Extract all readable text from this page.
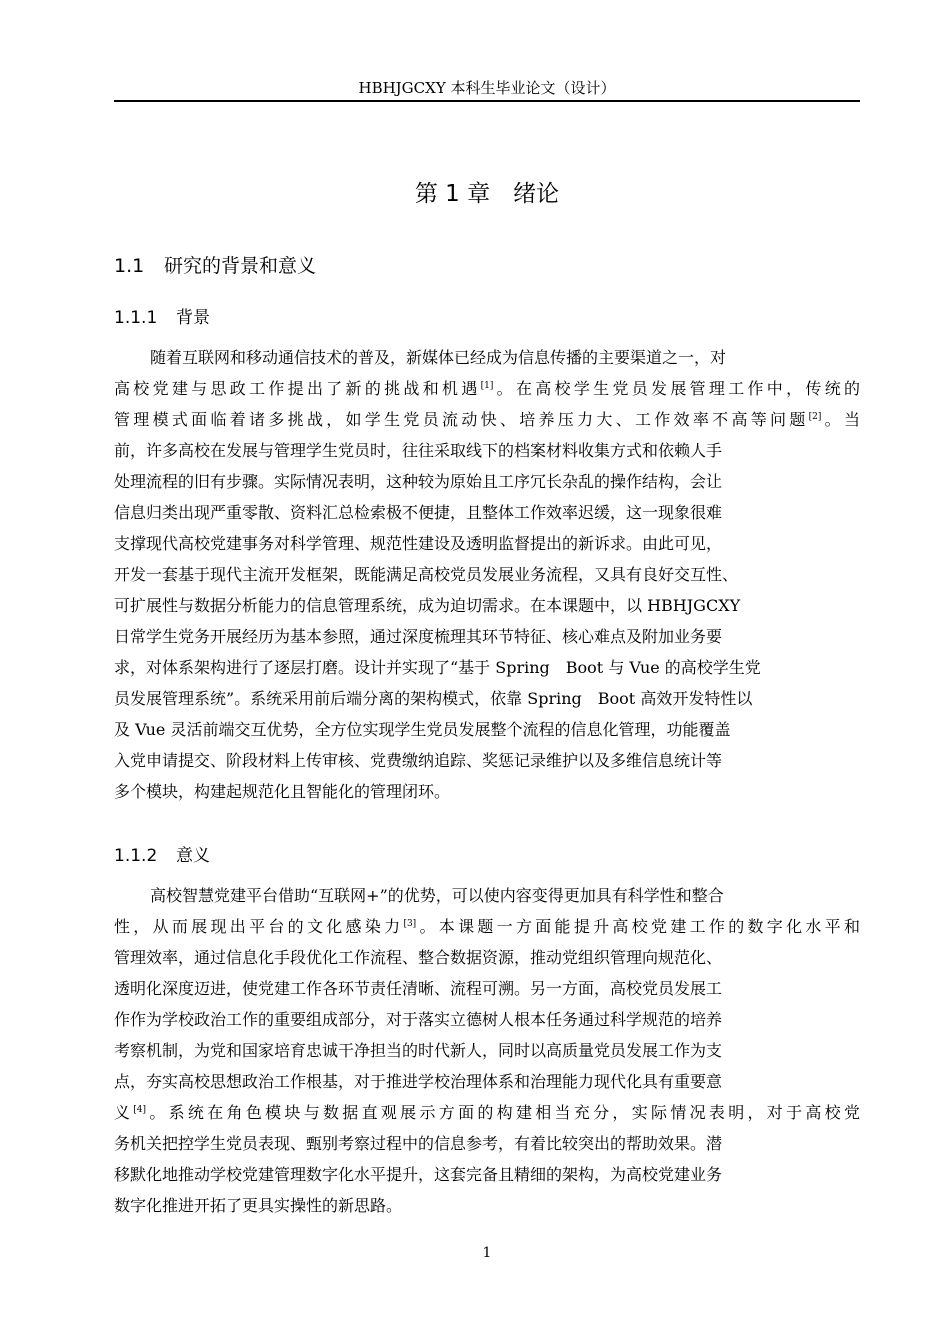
HBHJGCXY 本科生毕业论文（设计）
第 1 章　绪论
1.1 研究的背景和意义
1.1.1 背景
随着互联网和移动通信技术的普及，新媒体已经成为信息传播的主要渠道之一，对
高校党建与思政工作提出了新的挑战和机遇[1]。在高校学生党员发展管理工作中，传统的
管理模式面临着诸多挑战，如学生党员流动快、培养压力大、工作效率不高等问题[2]。当
前，许多高校在发展与管理学生党员时，往往采取线下的档案材料收集方式和依赖人手
处理流程的旧有步骤。实际情况表明，这种较为原始且工序冗长杂乱的操作结构，会让
信息归类出现严重零散、资料汇总检索极不便捷，且整体工作效率迟缓，这一现象很难
支撑现代高校党建事务对科学管理、规范性建设及透明监督提出的新诉求。由此可见，
开发一套基于现代主流开发框架，既能满足高校党员发展业务流程，又具有良好交互性、
可扩展性与数据分析能力的信息管理系统，成为迫切需求。在本课题中，以 HBHJGCXY
日常学生党务开展经历为基本参照，通过深度梳理其环节特征、核心难点及附加业务要
求，对体系架构进行了逐层打磨。设计并实现了“基于 Spring　Boot 与 Vue 的高校学生党
员发展管理系统”。系统采用前后端分离的架构模式，依靠 Spring　Boot 高效开发特性以
及 Vue 灵活前端交互优势，全方位实现学生党员发展整个流程的信息化管理，功能覆盖
入党申请提交、阶段材料上传审核、党费缴纳追踪、奖惩记录维护以及多维信息统计等
多个模块，构建起规范化且智能化的管理闭环。
1.1.2 意义
高校智慧党建平台借助“互联网+”的优势，可以使内容变得更加具有科学性和整合
性，从而展现出平台的文化感染力[3]。本课题一方面能提升高校党建工作的数字化水平和
管理效率，通过信息化手段优化工作流程、整合数据资源，推动党组织管理向规范化、
透明化深度迈进，使党建工作各环节责任清晰、流程可溯。另一方面，高校党员发展工
作作为学校政治工作的重要组成部分，对于落实立德树人根本任务通过科学规范的培养
考察机制，为党和国家培育忠诚干净担当的时代新人，同时以高质量党员发展工作为支
点，夯实高校思想政治工作根基，对于推进学校治理体系和治理能力现代化具有重要意
义[4]。系统在角色模块与数据直观展示方面的构建相当充分，实际情况表明，对于高校党
务机关把控学生党员表现、甄别考察过程中的信息参考，有着比较突出的帮助效果。潜
移默化地推动学校党建管理数字化水平提升，这套完备且精细的架构，为高校党建业务
数字化推进开拓了更具实操性的新思路。
1
